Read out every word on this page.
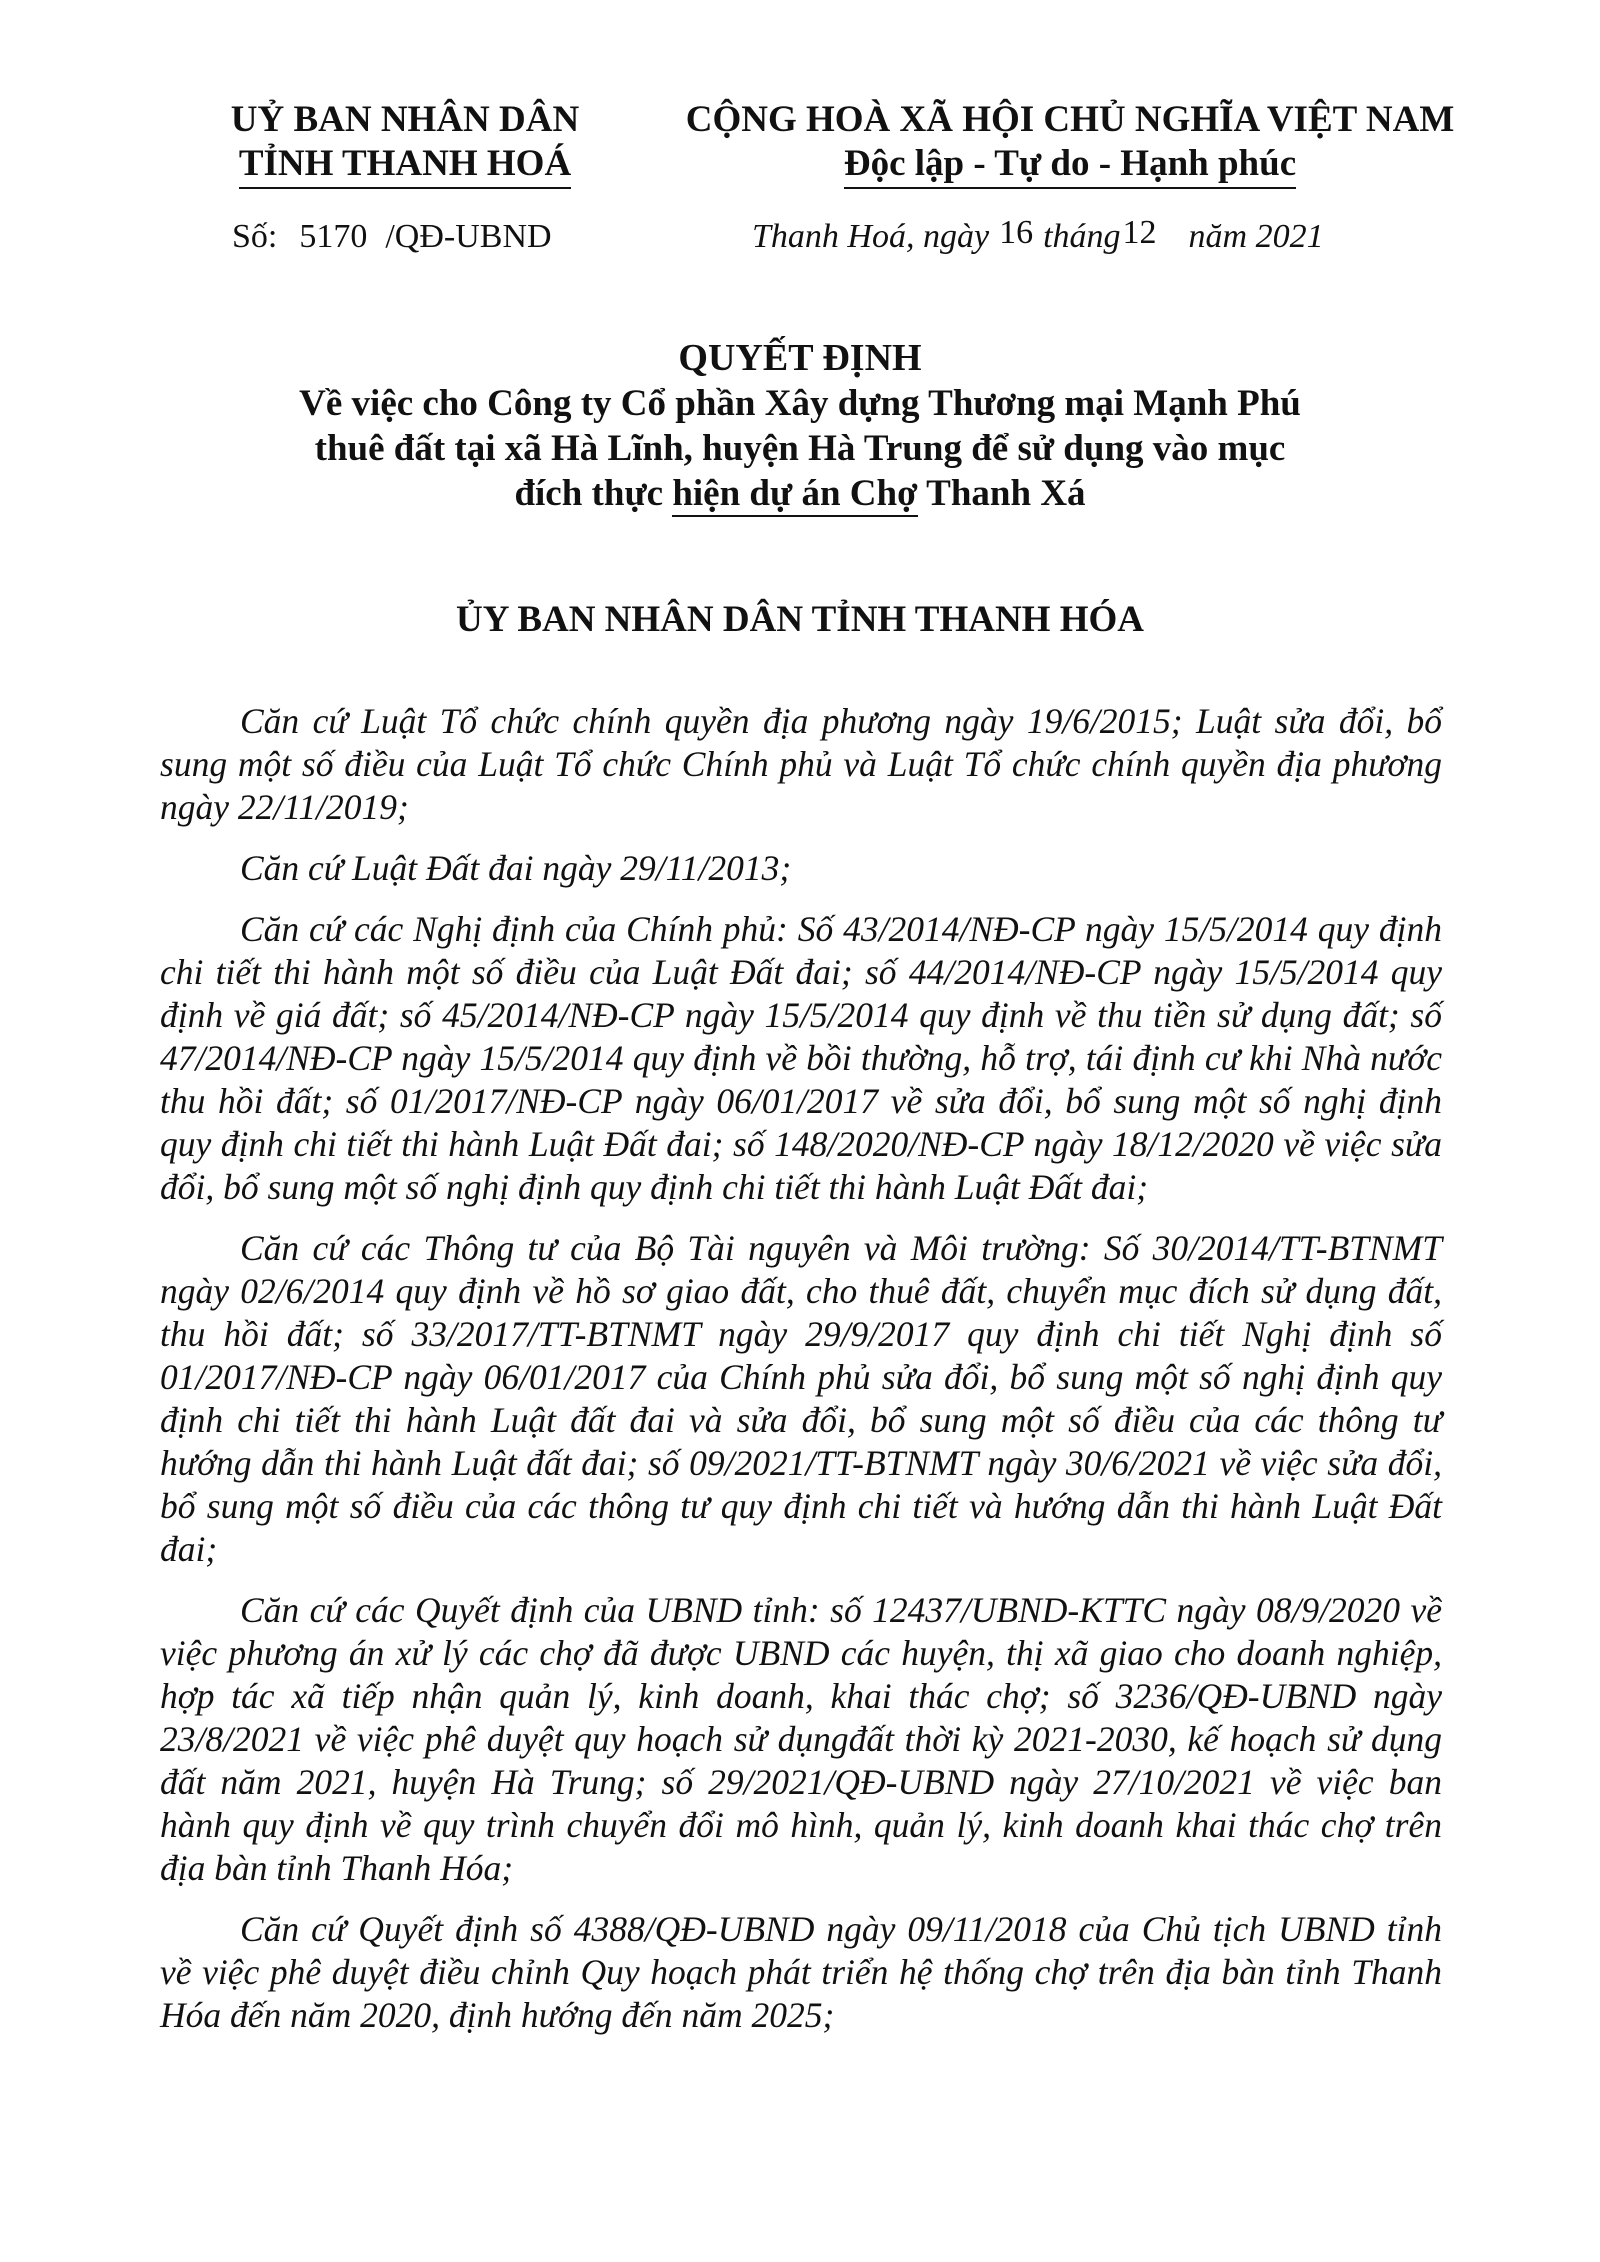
UỶ BAN NHÂN DÂN
TỈNH THANH HOÁ
CỘNG HOÀ XÃ HỘI CHỦ NGHĨA VIỆT NAM
Độc lập - Tự do - Hạnh phúc
Số: 5170 /QĐ-UBND	Thanh Hoá, ngày 16 tháng12 năm 2021
QUYẾT ĐỊNH
Về việc cho Công ty Cổ phần Xây dựng Thương mại Mạnh Phú
thuê đất tại xã Hà Lĩnh, huyện Hà Trung để sử dụng vào mục
đích thực hiện dự án Chợ Thanh Xá
ỦY BAN NHÂN DÂN TỈNH THANH HÓA

Căn cứ Luật Tổ chức chính quyền địa phương ngày 19/6/2015; Luật sửa đổi, bổ sung một số điều của Luật Tổ chức Chính phủ và Luật Tổ chức chính quyền địa phương ngày 22/11/2019;

Căn cứ Luật Đất đai ngày 29/11/2013;

Căn cứ các Nghị định của Chính phủ: Số 43/2014/NĐ-CP ngày 15/5/2014 quy định chi tiết thi hành một số điều của Luật Đất đai; số 44/2014/NĐ-CP ngày 15/5/2014 quy định về giá đất; số 45/2014/NĐ-CP ngày 15/5/2014 quy định về thu tiền sử dụng đất; số 47/2014/NĐ-CP ngày 15/5/2014 quy định về bồi thường, hỗ trợ, tái định cư khi Nhà nước thu hồi đất; số 01/2017/NĐ-CP ngày 06/01/2017 về sửa đổi, bổ sung một số nghị định quy định chi tiết thi hành Luật Đất đai; số 148/2020/NĐ-CP ngày 18/12/2020 về việc sửa đổi, bổ sung một số nghị định quy định chi tiết thi hành Luật Đất đai;

Căn cứ các Thông tư của Bộ Tài nguyên và Môi trường: Số 30/2014/TT-BTNMT ngày 02/6/2014 quy định về hồ sơ giao đất, cho thuê đất, chuyển mục đích sử dụng đất, thu hồi đất; số 33/2017/TT-BTNMT ngày 29/9/2017 quy định chi tiết Nghị định số 01/2017/NĐ-CP ngày 06/01/2017 của Chính phủ sửa đổi, bổ sung một số nghị định quy định chi tiết thi hành Luật đất đai và sửa đổi, bổ sung một số điều của các thông tư hướng dẫn thi hành Luật đất đai; số 09/2021/TT-BTNMT ngày 30/6/2021 về việc sửa đổi, bổ sung một số điều của các thông tư quy định chi tiết và hướng dẫn thi hành Luật Đất đai;

Căn cứ các Quyết định của UBND tỉnh: số 12437/UBND-KTTC ngày 08/9/2020 về việc phương án xử lý các chợ đã được UBND các huyện, thị xã giao cho doanh nghiệp, hợp tác xã tiếp nhận quản lý, kinh doanh, khai thác chợ; số 3236/QĐ-UBND ngày 23/8/2021 về việc phê duyệt quy hoạch sử dụngđất thời kỳ 2021-2030, kế hoạch sử dụng đất năm 2021, huyện Hà Trung; số 29/2021/QĐ-UBND ngày 27/10/2021 về việc ban hành quy định về quy trình chuyển đổi mô hình, quản lý, kinh doanh khai thác chợ trên địa bàn tỉnh Thanh Hóa;

Căn cứ Quyết định số 4388/QĐ-UBND ngày 09/11/2018 của Chủ tịch UBND tỉnh về việc phê duyệt điều chỉnh Quy hoạch phát triển hệ thống chợ trên địa bàn tỉnh Thanh Hóa đến năm 2020, định hướng đến năm 2025;
